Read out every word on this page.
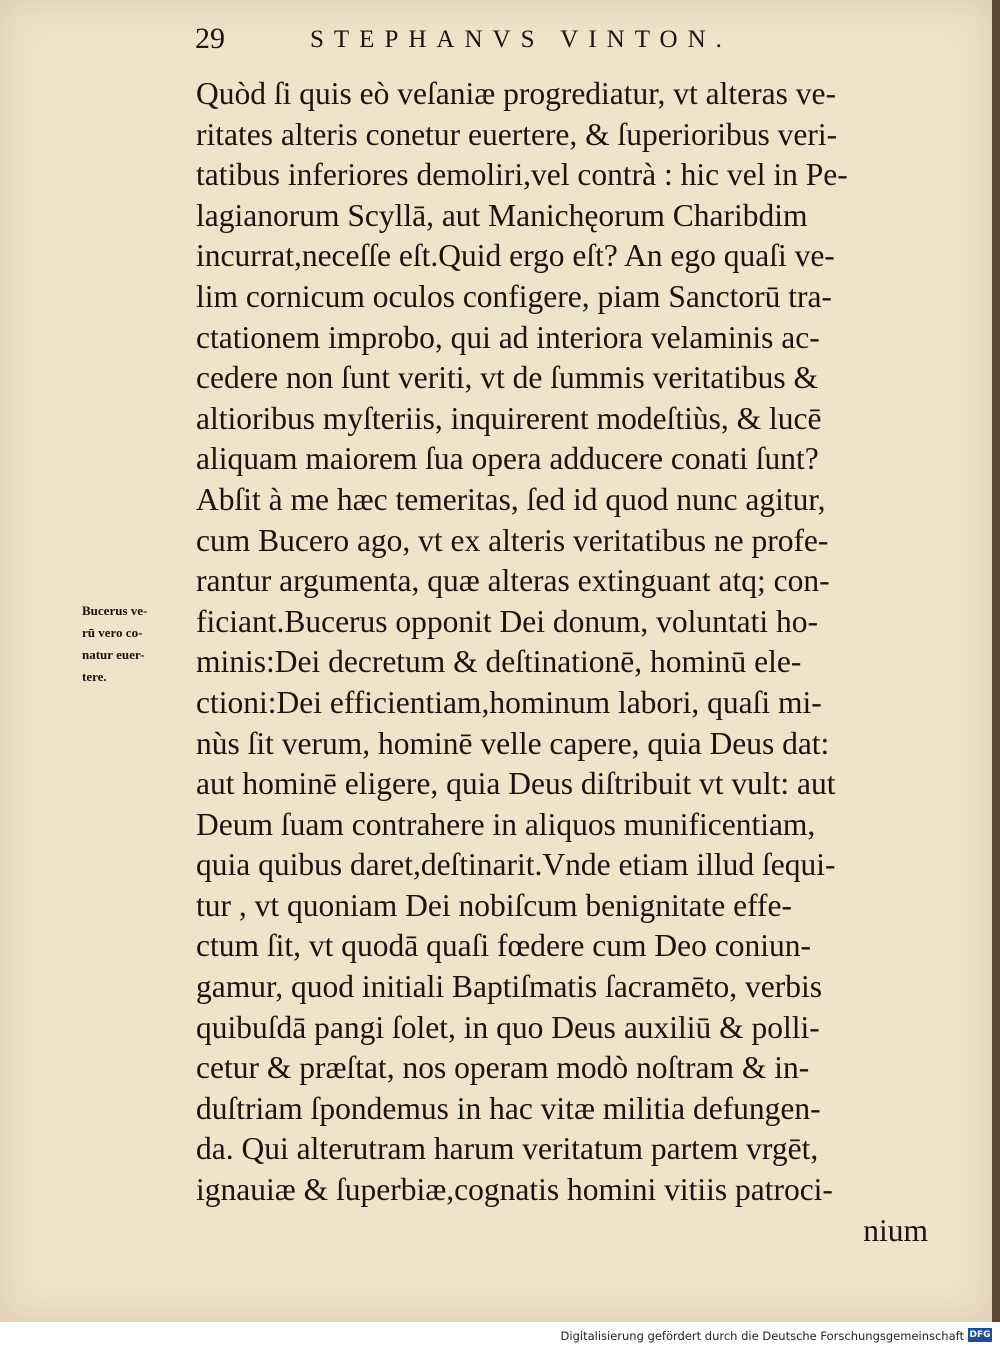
29	STEPHANVS VINTON.
Bucerus ve-
rū vero co-
natur euer-
tere.
Quòd ſi quis eò veſaniæ progrediatur, vt alteras ve-
ritates alteris conetur euertere, & ſuperioribus veri-
tatibus inferiores demoliri,vel contrà : hic vel in Pe-
lagianorum Scyllā, aut Manichęorum Charibdim
incurrat,neceſſe eſt.Quid ergo eſt? An ego quaſi ve-
lim cornicum oculos configere, piam Sanctorū tra-
ctationem improbo, qui ad interiora velaminis ac-
cedere non ſunt veriti, vt de ſummis veritatibus &
altioribus myſteriis, inquirerent modeſtiùs, & lucē
aliquam maiorem ſua opera adducere conati ſunt?
Abſit à me hæc temeritas, ſed id quod nunc agitur,
cum Bucero ago, vt ex alteris veritatibus ne profe-
rantur argumenta, quæ alteras extinguant atq; con-
ficiant.Bucerus opponit Dei donum, voluntati ho-
minis:Dei decretum & deſtinationē, hominū ele-
ctioni:Dei efficientiam,hominum labori, quaſi mi-
nùs ſit verum, hominē velle capere, quia Deus dat:
aut hominē eligere, quia Deus diſtribuit vt vult: aut
Deum ſuam contrahere in aliquos munificentiam,
quia quibus daret,deſtinarit.Vnde etiam illud ſequi-
tur , vt quoniam Dei nobiſcum benignitate effe-
ctum ſit, vt quodā quaſi fœdere cum Deo coniun-
gamur, quod initiali Baptiſmatis ſacramēto, verbis
quibuſdā pangi ſolet, in quo Deus auxiliū & polli-
cetur & præſtat, nos operam modò noſtram & in-
duſtriam ſpondemus in hac vitæ militia defungen-
da. Qui alterutram harum veritatum partem vrgēt,
ignauiæ & ſuperbiæ,cognatis homini vitiis patroci-
nium
Digitalisierung gefördert durch die Deutsche Forschungsgemeinschaft DFG
